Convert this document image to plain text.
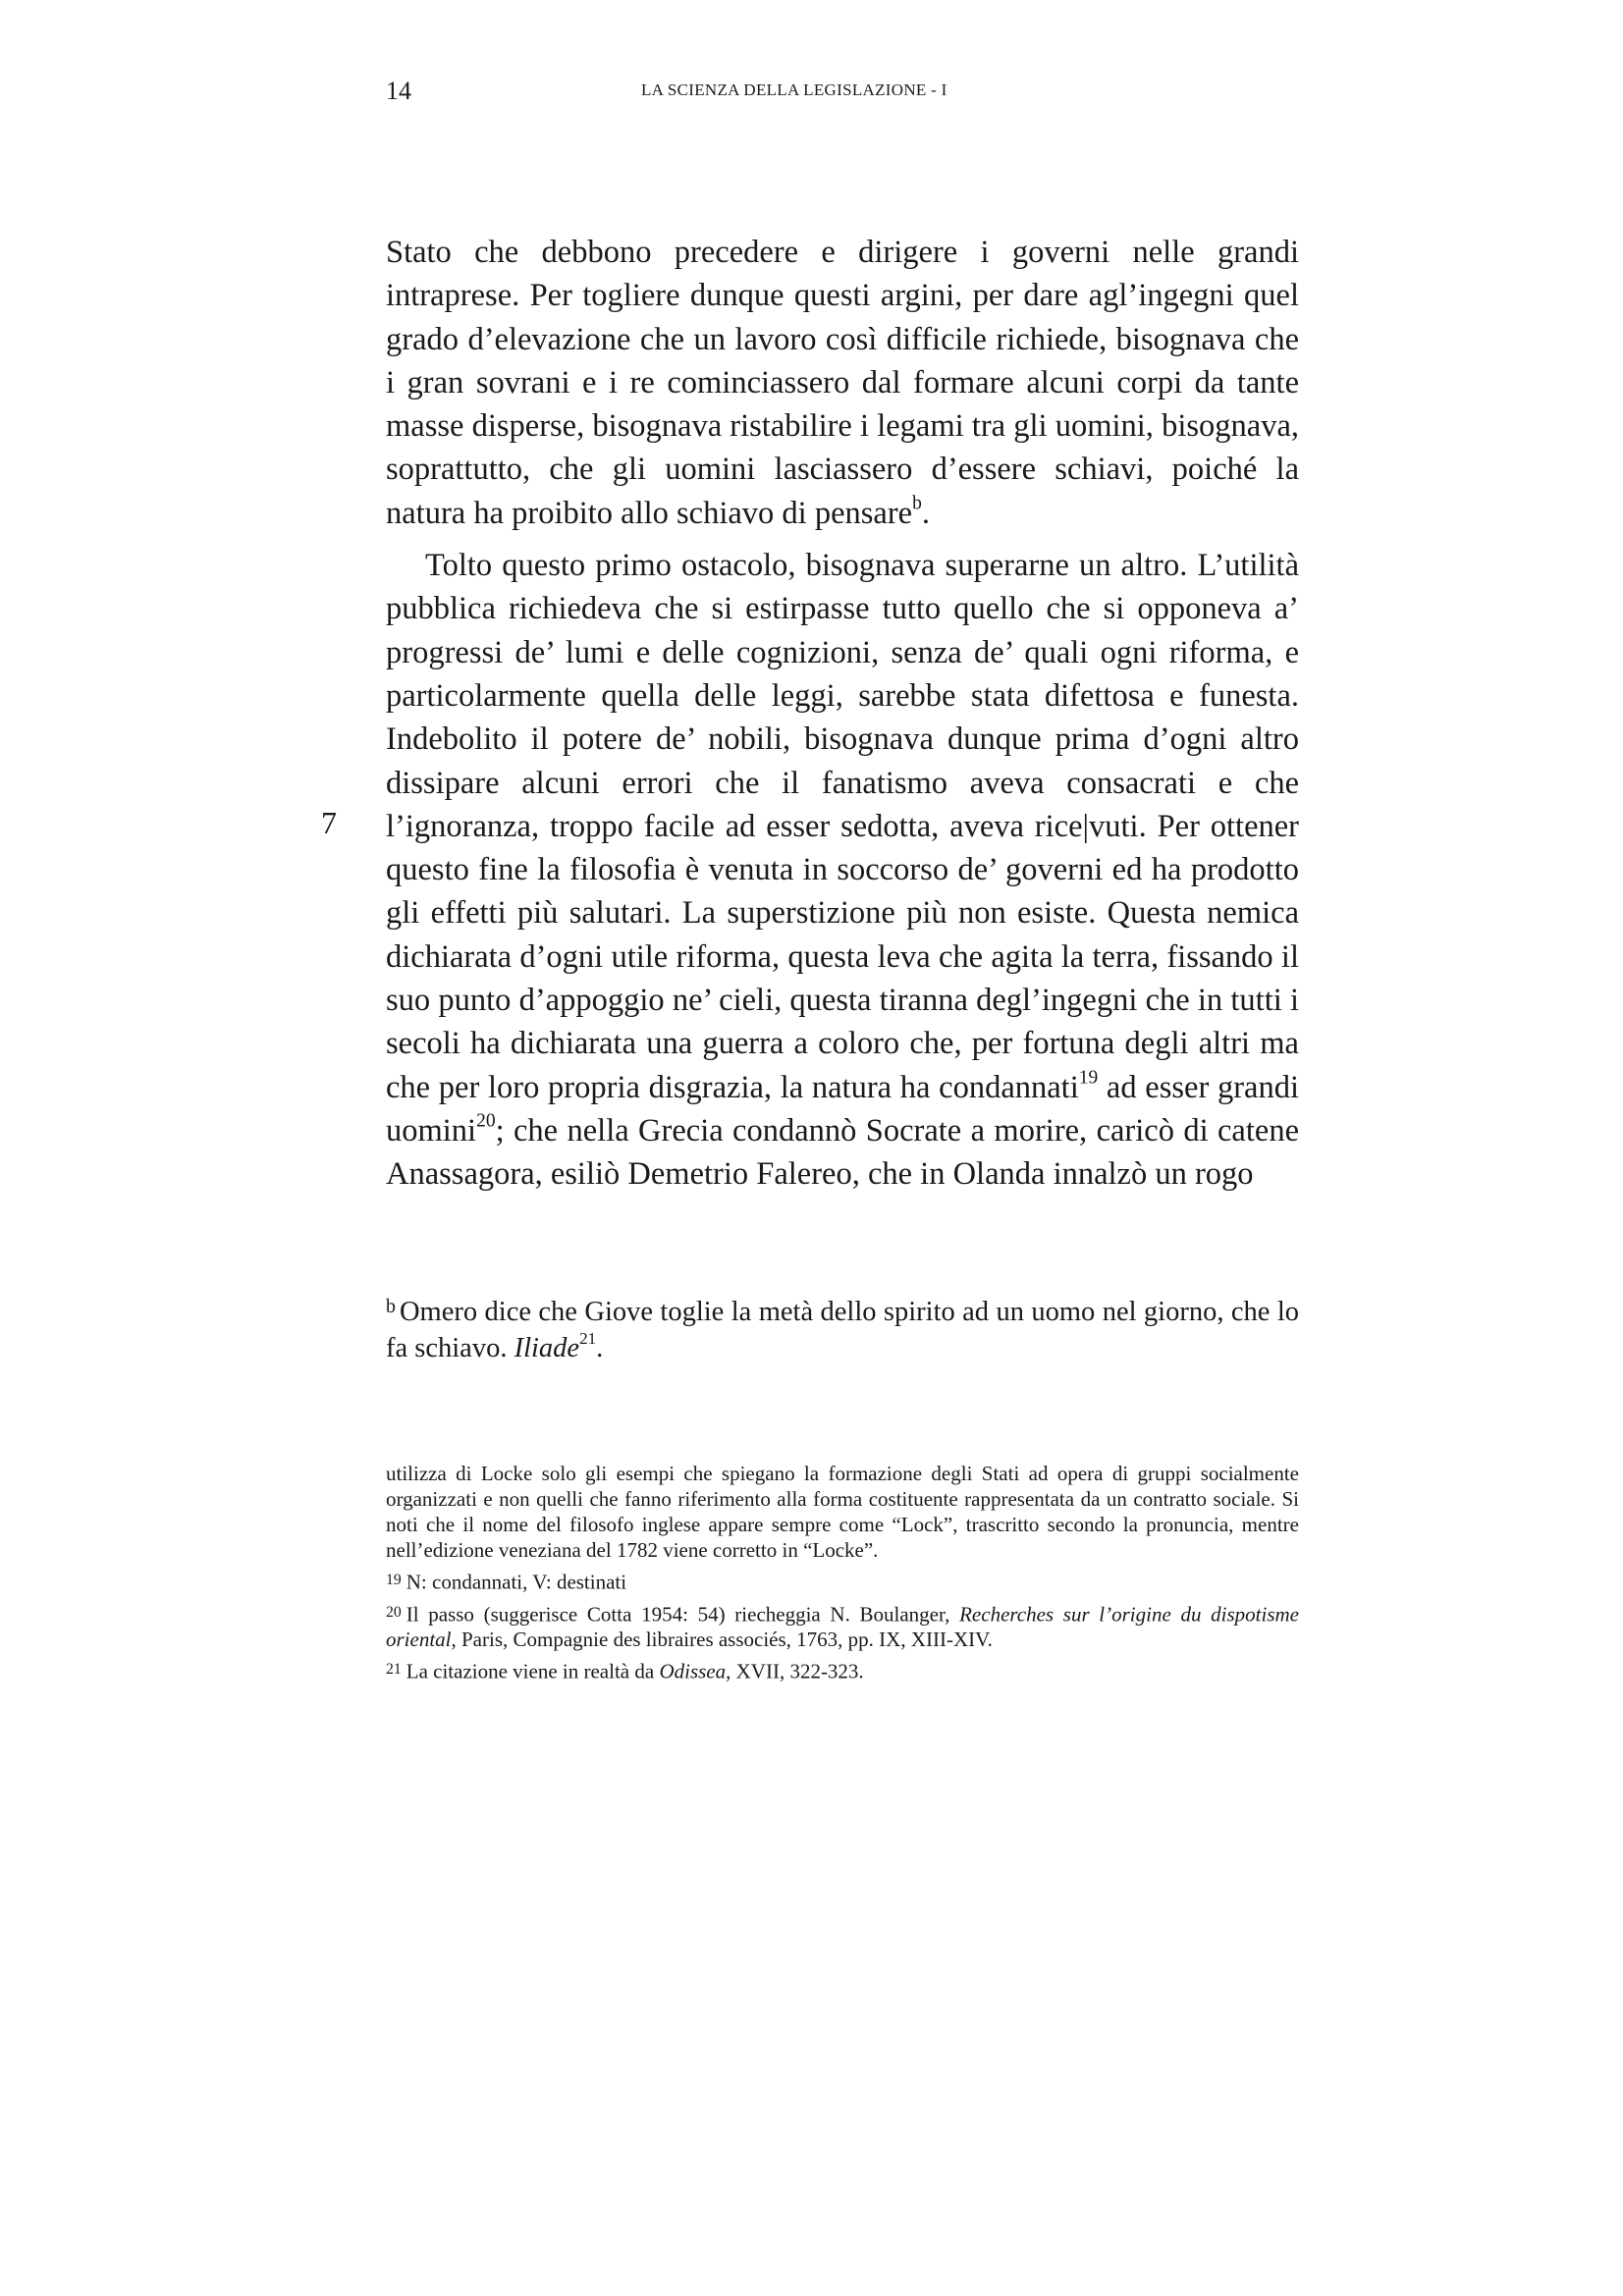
14	LA SCIENZA DELLA LEGISLAZIONE - I
7

Stato che debbono precedere e dirigere i governi nelle grandi intraprese. Per togliere dunque questi argini, per dare agl’ingegni quel grado d’elevazione che un lavoro così difficile richiede, bisognava che i gran sovrani e i re cominciassero dal formare alcuni corpi da tante masse disperse, bisognava ristabilire i legami tra gli uomini, bisognava, soprattutto, che gli uomini lasciassero d’essere schiavi, poiché la natura ha proibito allo schiavo di pensare$^b$.

Tolto questo primo ostacolo, bisognava superarne un altro. L’utilità pubblica richiedeva che si estirpasse tutto quello che si opponeva a’ progressi de’ lumi e delle cognizioni, senza de’ quali ogni riforma, e particolarmente quella delle leggi, sarebbe stata difettosa e funesta. Indebolito il potere de’ nobili, bisognava dunque prima d’ogni altro dissipare alcuni errori che il fanatismo aveva consacrati e che l’ignoranza, troppo facile ad esser sedotta, aveva rice|vuti. Per ottener questo fine la filosofia è venuta in soccorso de’ governi ed ha prodotto gli effetti più salutari. La superstizione più non esiste. Questa nemica dichiarata d’ogni utile riforma, questa leva che agita la terra, fissando il suo punto d’appoggio ne’ cieli, questa tiranna degl’ingegni che in tutti i secoli ha dichiarata una guerra a coloro che, per fortuna degli altri ma che per loro propria disgrazia, la natura ha condannati$^{19}$ ad esser grandi uomini$^{20}$; che nella Grecia condannò Socrate a morire, caricò di catene Anassagora, esiliò Demetrio Falereo, che in Olanda innalzò un rogo

$^b$ Omero dice che Giove toglie la metà dello spirito ad un uomo nel giorno, che lo fa schiavo. Iliade$^{21}$.

utilizza di Locke solo gli esempi che spiegano la formazione degli Stati ad opera di gruppi socialmente organizzati e non quelli che fanno riferimento alla forma costituente rappresentata da un contratto sociale. Si noti che il nome del filosofo inglese appare sempre come “Lock”, trascritto secondo la pronuncia, mentre nell’edizione veneziana del 1782 viene corretto in “Locke”.

$^{19}$ N: condannati, V: destinati

$^{20}$ Il passo (suggerisce Cotta 1954: 54) riecheggia N. Boulanger, Recherches sur l’origine du dispotisme oriental, Paris, Compagnie des libraires associés, 1763, pp. IX, XIII-XIV.

$^{21}$ La citazione viene in realtà da Odissea, XVII, 322-323.
